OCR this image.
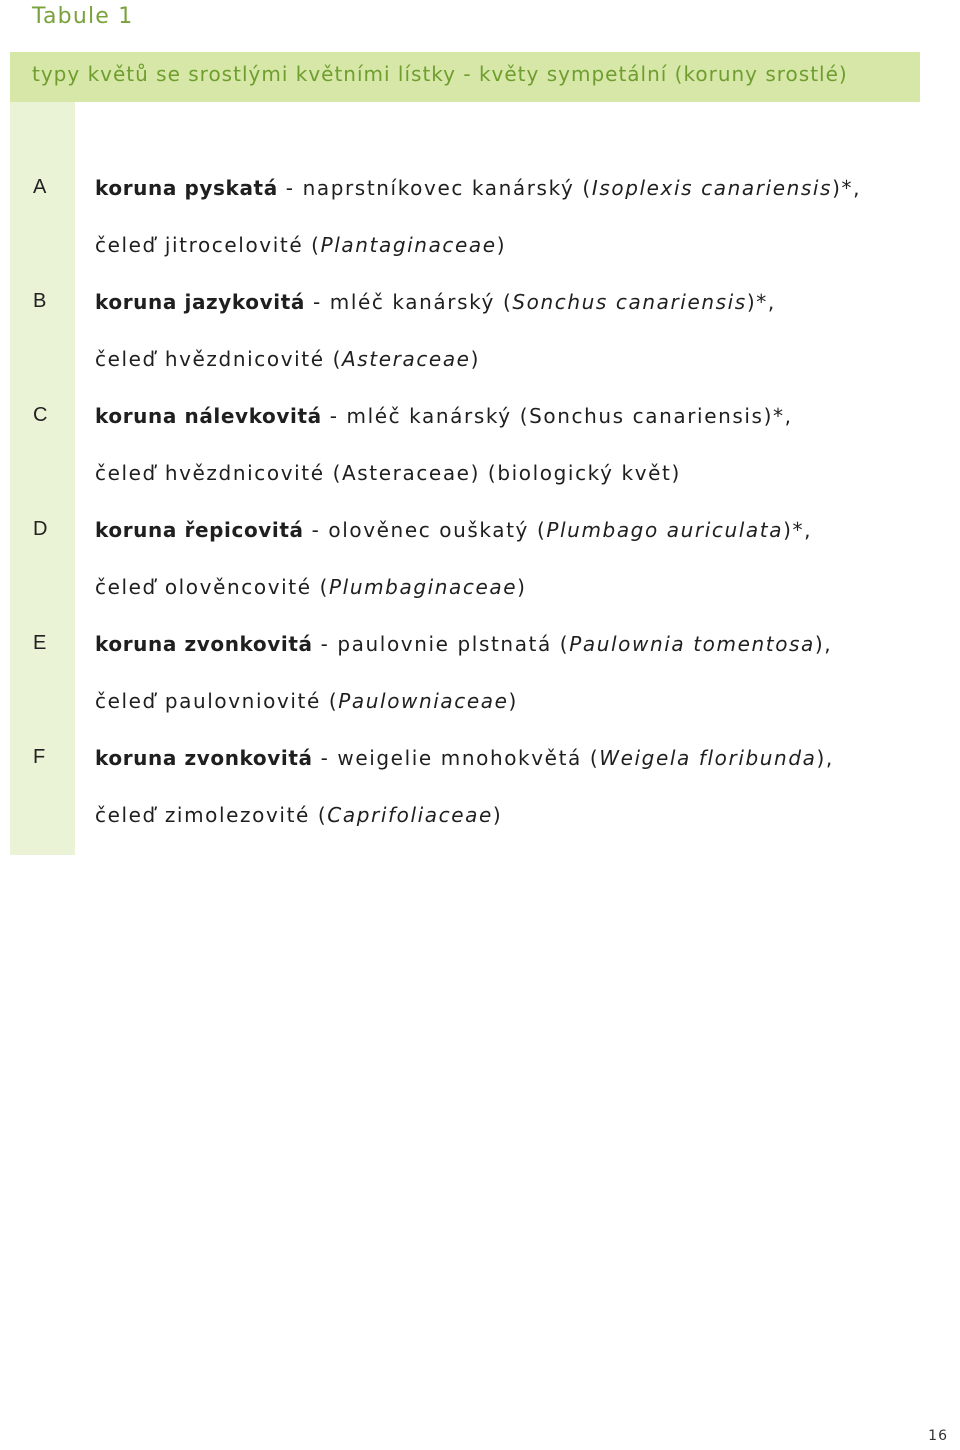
Tabule 1
typy květů se srostlými květními lístky - květy sympetální (koruny srostlé)
A koruna pyskatá - naprstníkovec kanárský (Isoplexis canariensis)*,
čeleď jitrocelovité (Plantaginaceae)
B koruna jazykovitá - mléč kanárský (Sonchus canariensis)*,
čeleď hvězdnicovité (Asteraceae)
C koruna nálevkovitá - mléč kanárský (Sonchus canariensis)*,
čeleď hvězdnicovité (Asteraceae) (biologický květ)
D koruna řepicovitá - olověnec ouškatý (Plumbago auriculata)*,
čeleď olověncovité (Plumbaginaceae)
E koruna zvonkovitá - paulovnie plstnatá (Paulownia tomentosa),
čeleď paulovniovité (Paulowniaceae)
F koruna zvonkovitá - weigelie mnohokvětá (Weigela floribunda),
čeleď zimolezovité (Caprifoliaceae)
16
